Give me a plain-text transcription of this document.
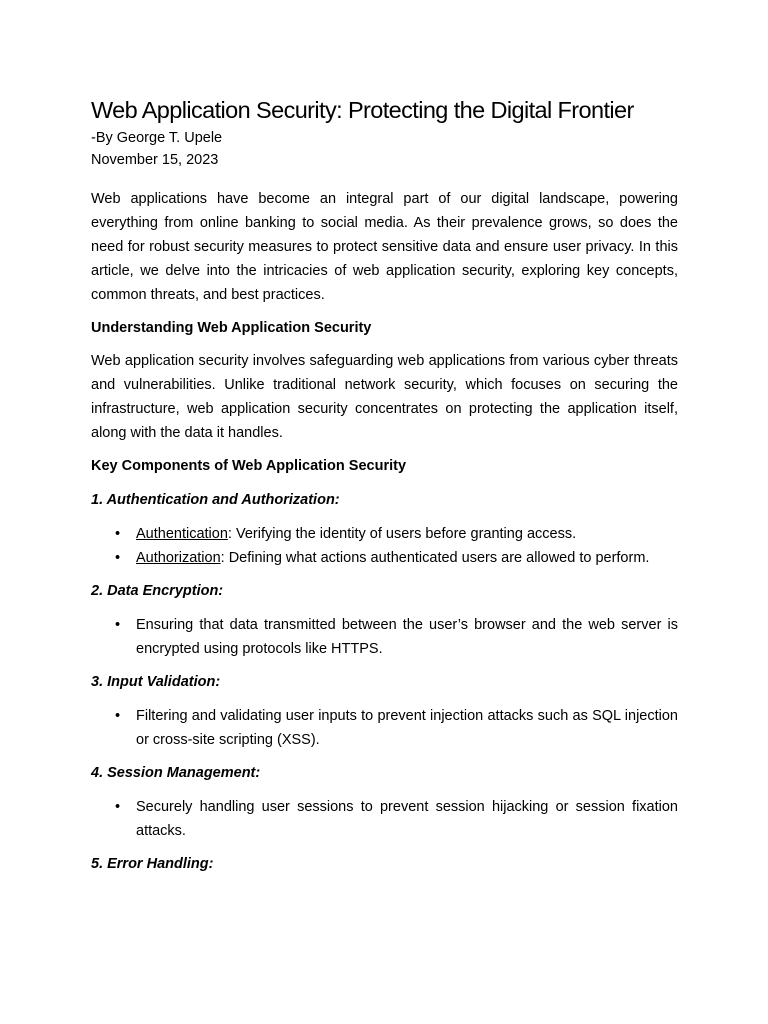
Web Application Security: Protecting the Digital Frontier

-By George T. Upele

November 15, 2023

Web applications have become an integral part of our digital landscape, powering everything from online banking to social media. As their prevalence grows, so does the need for robust security measures to protect sensitive data and ensure user privacy. In this article, we delve into the intricacies of web application security, exploring key concepts, common threats, and best practices.

Understanding Web Application Security

Web application security involves safeguarding web applications from various cyber threats and vulnerabilities. Unlike traditional network security, which focuses on securing the infrastructure, web application security concentrates on protecting the application itself, along with the data it handles.

Key Components of Web Application Security

1. Authentication and Authorization:

• Authentication: Verifying the identity of users before granting access.
• Authorization: Defining what actions authenticated users are allowed to perform.

2. Data Encryption:

• Ensuring that data transmitted between the user’s browser and the web server is encrypted using protocols like HTTPS.

3. Input Validation:

• Filtering and validating user inputs to prevent injection attacks such as SQL injection or cross-site scripting (XSS).

4. Session Management:

• Securely handling user sessions to prevent session hijacking or session fixation attacks.

5. Error Handling:
